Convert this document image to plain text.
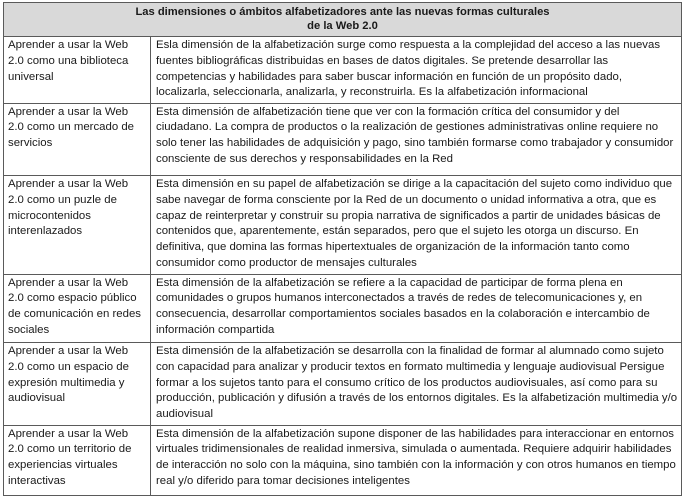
Las dimensiones o ámbitos alfabetizadores ante las nuevas formas culturales
de la Web 2.0	
Aprender a usar la Web 2.0 como una biblioteca universal	Esla dimensión de la alfabetización surge como respuesta a la complejidad del acceso a las nuevas fuentes bibliográficas distribuidas en bases de datos digitales. Se pretende desarrollar las competencias y habilidades para saber buscar información en función de un propósito dado, localizarla, seleccionarla, analizarla, y reconstruirla. Es la alfabetización informacional
Aprender a usar la Web 2.0 como un mercado de servicios	Esta dimensión de alfabetización tiene que ver con la formación crítica del consumidor y del ciudadano. La compra de productos o la realización de gestiones administrativas online requiere no solo tener las habilidades de adquisición y pago, sino también formarse como trabajador y consumidor consciente de sus derechos y responsabilidades en la Red
Aprender a usar la Web 2.0 como un puzle de microcontenidos interenlazados	Esta dimensión en su papel de alfabetización se dirige a la capacitación del sujeto como individuo que sabe navegar de forma consciente por la Red de un documento o unidad informativa a otra, que es capaz de reinterpretar y construir su propia narrativa de significados a partir de unidades básicas de contenidos que, aparentemente, están separados, pero que el sujeto les otorga un discurso. En definitiva, que domina las formas hipertextuales de organización de la información tanto como consumidor como productor de mensajes culturales
Aprender a usar la Web 2.0 como espacio público de comunicación en redes sociales	Esta dimensión de la alfabetización se refiere a la capacidad de participar de forma plena en comunidades o grupos humanos interconectados a través de redes de telecomunicaciones y, en consecuencia, desarrollar comportamientos sociales basados en la colaboración e intercambio de información compartida
Aprender a usar la Web 2.0 como un espacio de expresión multimedia y audiovisual	Esta dimensión de la alfabetización se desarrolla con la finalidad de formar al alumnado como sujeto con capacidad para analizar y producir textos en formato multimedia y lenguaje audiovisual Persigue formar a los sujetos tanto para el consumo crítico de los productos audiovisuales, así como para su producción, publicación y difusión a través de los entornos digitales. Es la alfabetización multimedia y/o audiovisual
Aprender a usar la Web 2.0 como un territorio de experiencias virtuales interactivas	Esta dimensión de la alfabetización supone disponer de las habilidades para interaccionar en entornos virtuales tridimensionales de realidad inmersiva, simulada o aumentada. Requiere adquirir habilidades de interacción no solo con la máquina, sino también con la información y con otros humanos en tiempo real y/o diferido para tomar decisiones inteligentes
